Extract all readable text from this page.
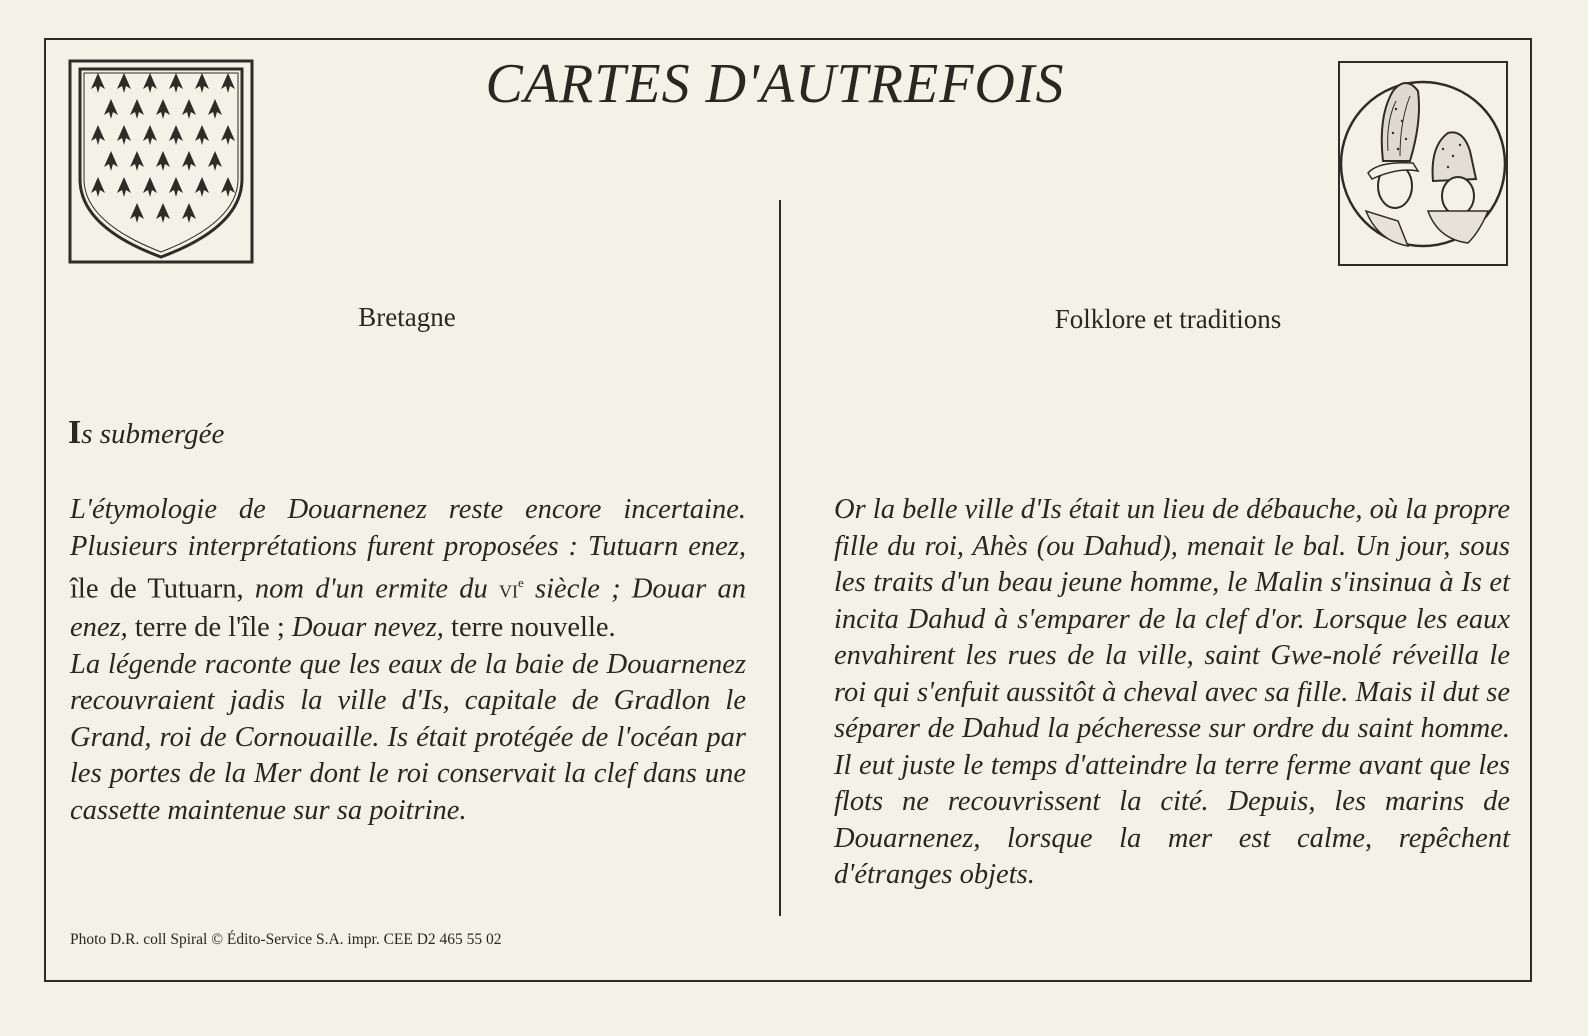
CARTES D'AUTREFOIS
Bretagne	Folklore et traditions
Is submergée

L'étymologie de Douarnenez reste encore incertaine. Plusieurs interprétations furent proposées : Tutuarn enez, île de Tutuarn, nom d'un ermite du VIe siècle ; Douar an enez, terre de l'île ; Douar nevez, terre nouvelle.

La légende raconte que les eaux de la baie de Douarnenez recouvraient jadis la ville d'Is, capitale de Gradlon le Grand, roi de Cornouaille. Is était protégée de l'océan par les portes de la Mer dont le roi conservait la clef dans une cassette maintenue sur sa poitrine.

Or la belle ville d'Is était un lieu de débauche, où la propre fille du roi, Ahès (ou Dahud), menait le bal. Un jour, sous les traits d'un beau jeune homme, le Malin s'insinua à Is et incita Dahud à s'emparer de la clef d'or. Lorsque les eaux envahirent les rues de la ville, saint Gwe-nolé réveilla le roi qui s'enfuit aussitôt à cheval avec sa fille. Mais il dut se séparer de Dahud la pécheresse sur ordre du saint homme. Il eut juste le temps d'atteindre la terre ferme avant que les flots ne recouvrissent la cité. Depuis, les marins de Douarnenez, lorsque la mer est calme, repêchent d'étranges objets.

Photo D.R. coll Spiral © Édito-Service S.A. impr. CEE D2 465 55 02
